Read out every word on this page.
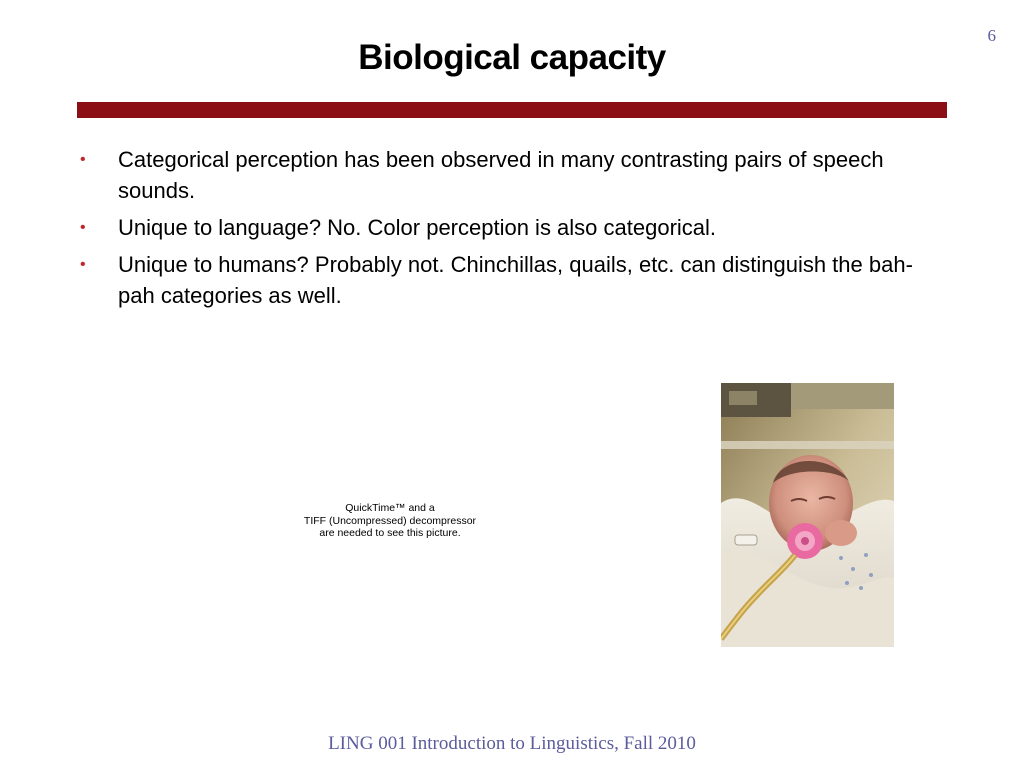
6
Biological capacity
•	Categorical perception has been observed in many contrasting pairs of speech sounds.
•	Unique to language? No. Color perception is also categorical.
•	Unique to humans? Probably not. Chinchillas, quails, etc. can distinguish the bah-pah categories as well.
QuickTime™ and a
TIFF (Uncompressed) decompressor
are needed to see this picture.
LING 001 Introduction to Linguistics, Fall 2010
